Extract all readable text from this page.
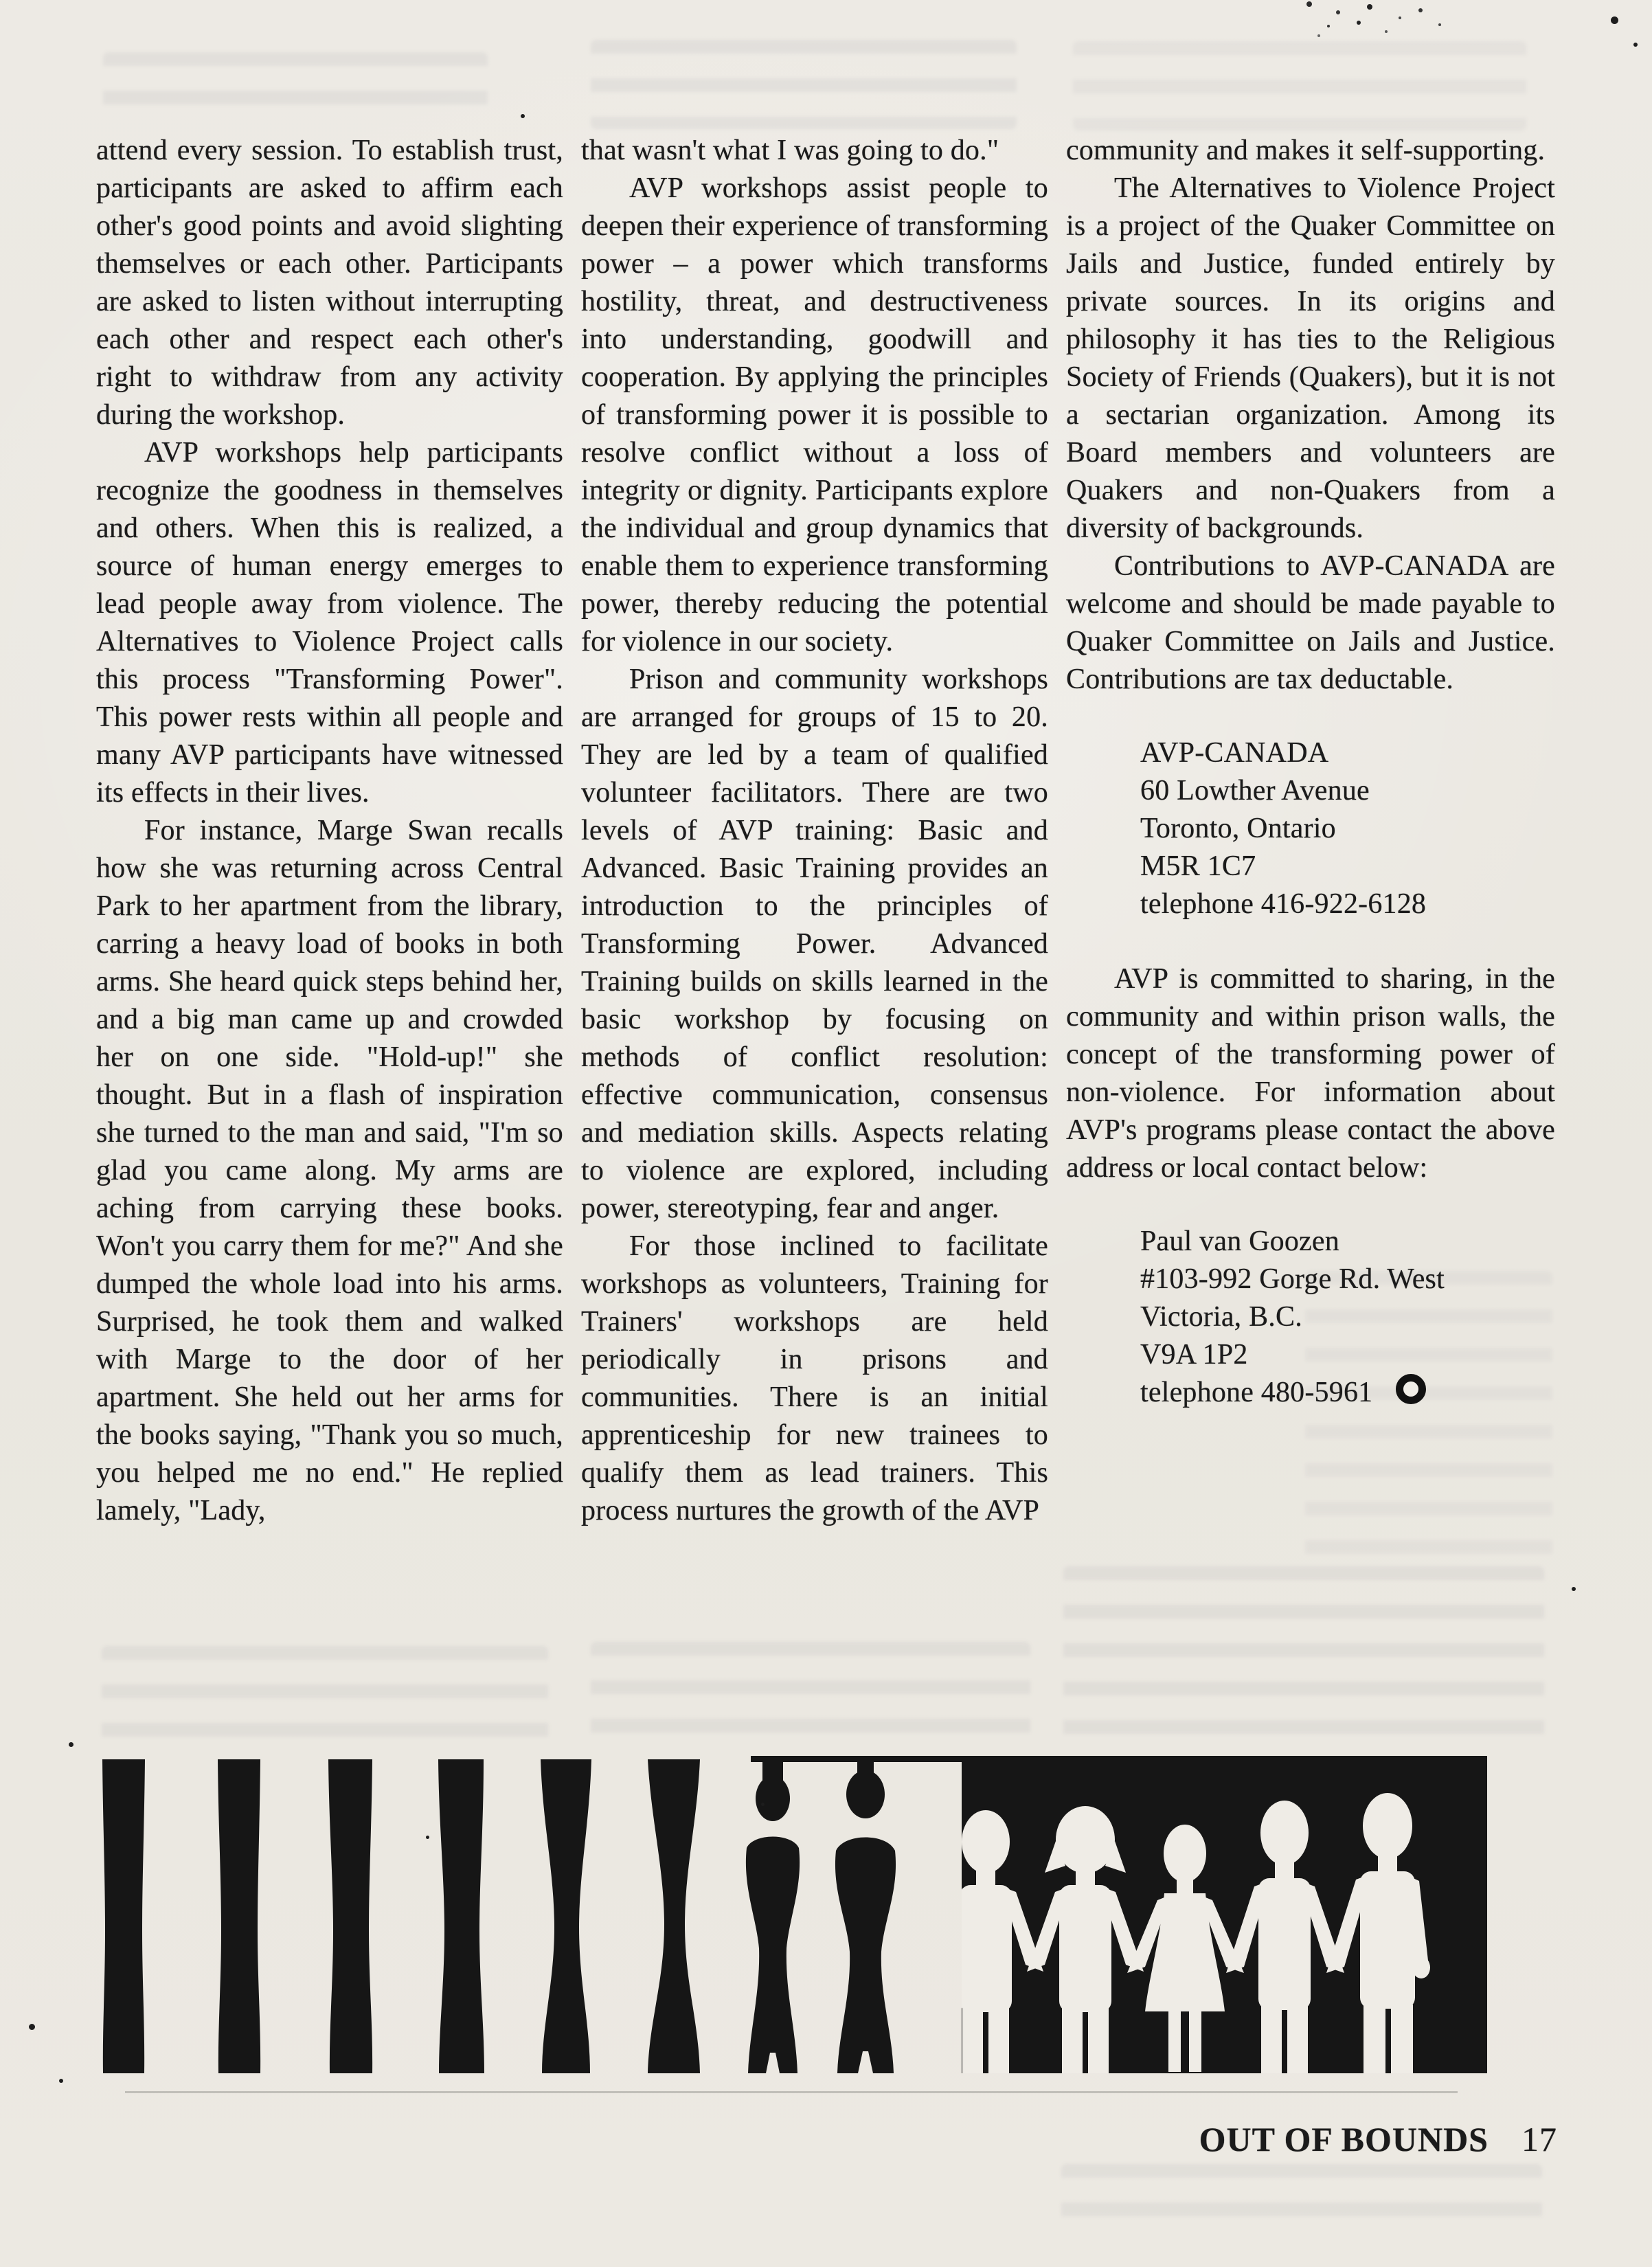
attend every session. To establish trust, participants are asked to affirm each other's good points and avoid slighting themselves or each other. Participants are asked to listen without interrupting each other and respect each other's right to withdraw from any activity during the workshop.

AVP workshops help participants recognize the goodness in themselves and others. When this is realized, a source of human energy emerges to lead people away from violence. The Alternatives to Violence Project calls this process "Transforming Power". This power rests within all people and many AVP participants have witnessed its effects in their lives.

For instance, Marge Swan recalls how she was returning across Central Park to her apartment from the library, carring a heavy load of books in both arms. She heard quick steps behind her, and a big man came up and crowded her on one side. "Hold-up!" she thought. But in a flash of inspiration she turned to the man and said, "I'm so glad you came along. My arms are aching from carrying these books. Won't you carry them for me?" And she dumped the whole load into his arms. Surprised, he took them and walked with Marge to the door of her apartment. She held out her arms for the books saying, "Thank you so much, you helped me no end." He replied lamely, "Lady,

that wasn't what I was going to do."

AVP workshops assist people to deepen their experience of transforming power – a power which transforms hostility, threat, and destructiveness into understanding, goodwill and cooperation. By applying the principles of transforming power it is possible to resolve conflict without a loss of integrity or dignity. Participants explore the individual and group dynamics that enable them to experience transforming power, thereby reducing the potential for violence in our society.

Prison and community workshops are arranged for groups of 15 to 20. They are led by a team of qualified volunteer facilitators. There are two levels of AVP training: Basic and Advanced. Basic Training provides an introduction to the principles of Transforming Power. Advanced Training builds on skills learned in the basic workshop by focusing on methods of conflict resolution: effective communication, consensus and mediation skills. Aspects relating to violence are explored, including power, stereotyping, fear and anger.

For those inclined to facilitate workshops as volunteers, Training for Trainers' workshops are held periodically in prisons and communities. There is an initial apprenticeship for new trainees to qualify them as lead trainers. This process nurtures the growth of the AVP

community and makes it self-supporting.

The Alternatives to Violence Project is a project of the Quaker Committee on Jails and Justice, funded entirely by private sources. In its origins and philosophy it has ties to the Religious Society of Friends (Quakers), but it is not a sectarian organization. Among its Board members and volunteers are Quakers and non-Quakers from a diversity of backgrounds.

Contributions to AVP-CANADA are welcome and should be made payable to Quaker Committee on Jails and Justice. Contributions are tax deductable.

AVP-CANADA
60 Lowther Avenue
Toronto, Ontario
M5R 1C7
telephone 416-922-6128

AVP is committed to sharing, in the community and within prison walls, the concept of the transforming power of non-violence. For information about AVP's programs please contact the above address or local contact below:

Paul van Goozen
#103-992 Gorge Rd. West
Victoria, B.C.
V9A 1P2
telephone 480-5961
OUT OF BOUNDS 17
